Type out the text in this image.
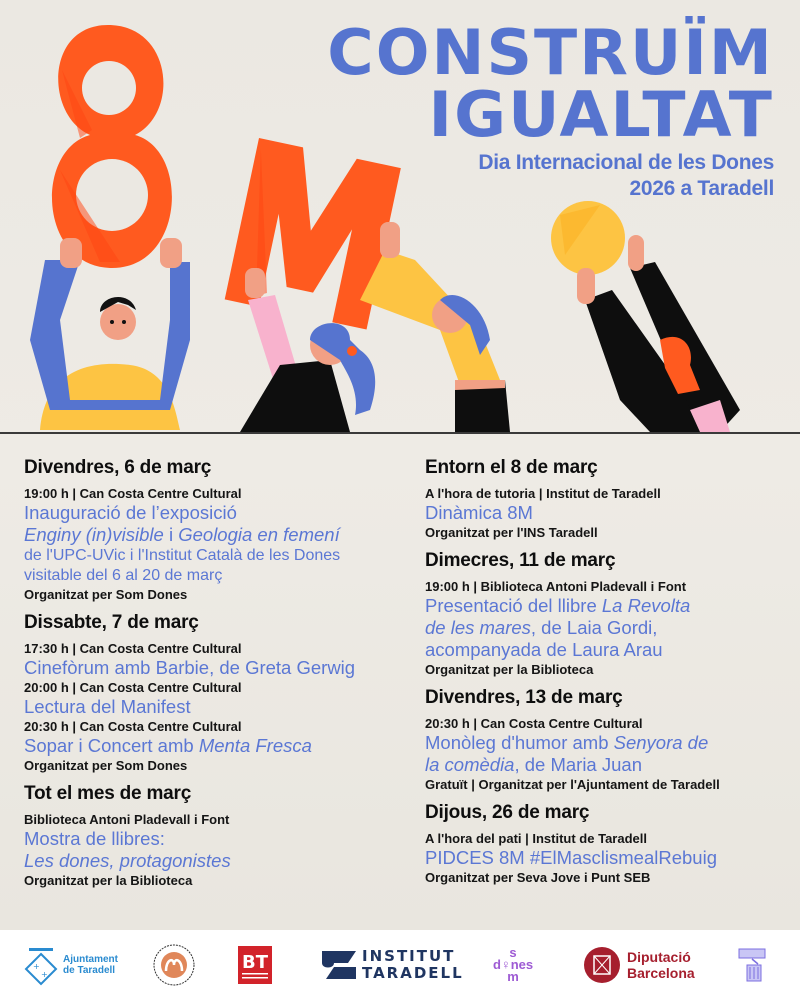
CONSTRUÏM
IGUALTAT
Dia Internacional de les Dones
2026 a Taradell
Divendres, 6 de març
19:00 h | Can Costa Centre Cultural
Inauguració de l’exposició
Enginy (in)visible i Geologia en femení
de l'UPC-UVic i l'Institut Català de les Dones
visitable del 6 al 20 de març
Organitzat per Som Dones
Dissabte, 7 de març
17:30 h | Can Costa Centre Cultural
Cinefòrum amb Barbie, de Greta Gerwig
20:00 h | Can Costa Centre Cultural
Lectura del Manifest
20:30 h | Can Costa Centre Cultural
Sopar i Concert amb Menta Fresca
Organitzat per Som Dones
Tot el mes de març
Biblioteca Antoni Pladevall i Font
Mostra de llibres:
Les dones, protagonistes
Organitzat per la Biblioteca
Entorn el 8 de març
A l'hora de tutoria | Institut de Taradell
Dinàmica 8M
Organitzat per l'INS Taradell
Dimecres, 11 de març
19:00 h | Biblioteca Antoni Pladevall i Font
Presentació del llibre La Revolta
de les mares, de Laia Gordi,
acompanyada de Laura Arau
Organitzat per la Biblioteca
Divendres, 13 de març
20:30 h | Can Costa Centre Cultural
Monòleg d'humor amb Senyora de
la comèdia, de Maria Juan
Gratuït | Organitzat per l'Ajuntament de Taradell
Dijous, 26 de març
A l'hora del pati | Institut de Taradell
PIDCES 8M #ElMasclismealRebuig
Organitzat per Seva Jove i Punt SEB
+
+
Ajuntament
de Taradell	BT	INSTITUT
TARADELL
s
d♀nes
m
Diputació
Barcelona
